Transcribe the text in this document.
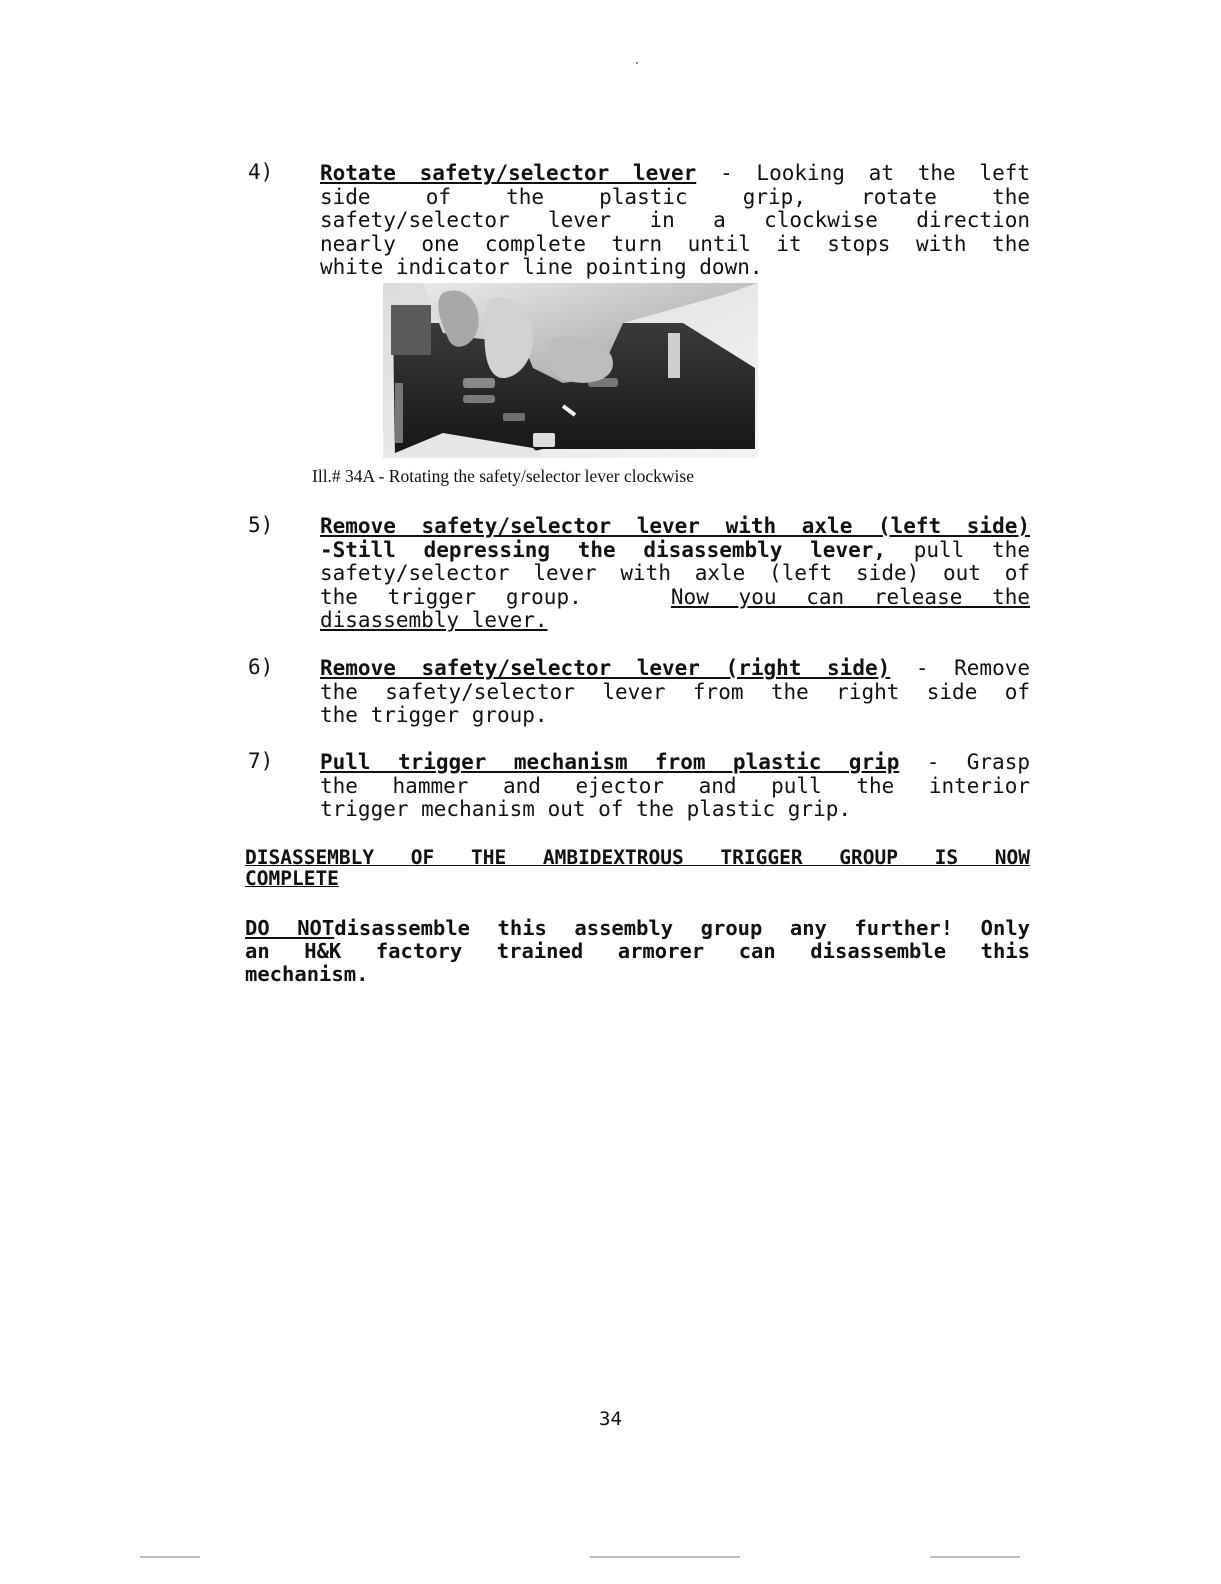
4) Rotate safety/selector lever - Looking at the left
side of the plastic grip, rotate the
safety/selector lever in a clockwise direction
nearly one complete turn until it stops with the
white indicator line pointing down.
Ill.# 34A - Rotating the safety/selector lever clockwise
5) Remove safety/selector lever with axle (left side)
-Still depressing the disassembly lever, pull the
safety/selector lever with axle (left side) out of
the trigger group.	Now you can release the
disassembly lever.
6) Remove safety/selector lever (right side) - Remove
the safety/selector lever from the right side of
the trigger group.
7) Pull trigger mechanism from plastic grip - Grasp
the hammer and ejector and pull the interior
trigger mechanism out of the plastic grip.
DISASSEMBLY OF THE AMBIDEXTROUS TRIGGER GROUP IS NOW
COMPLETE
DO NOTdisassemble this assembly group any further! Only
an H&K factory trained armorer can disassemble this
mechanism.
34
